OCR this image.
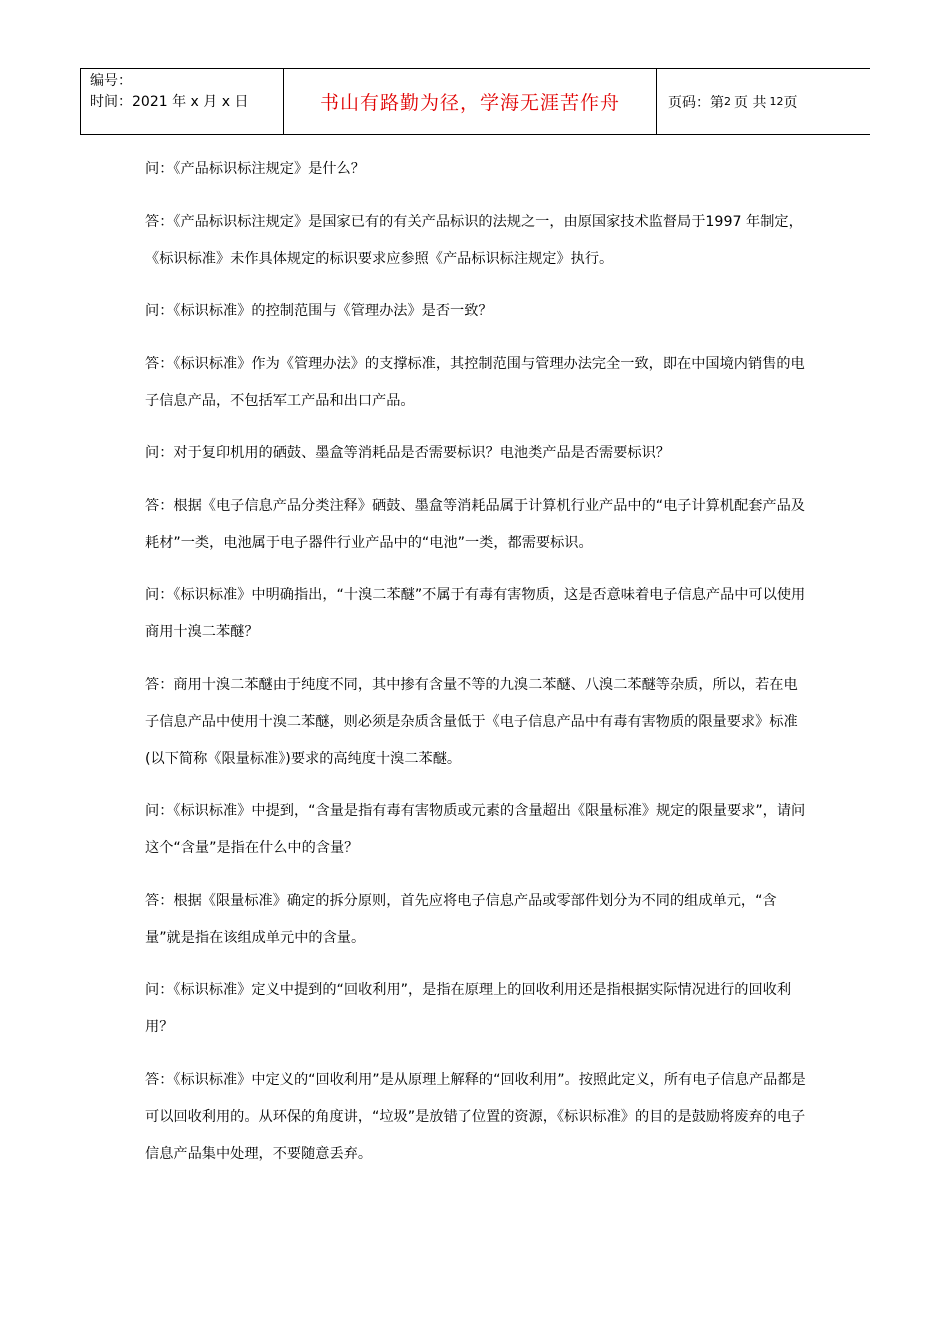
编号：
时间：2021 年 x 月 x 日	书山有路勤为径，学海无涯苦作舟	页码：第 2 页 共 12 页

问：《产品标识标注规定》是什么？

答：《产品标识标注规定》是国家已有的有关产品标识的法规之一，由原国家技术监督局于1997 年制定，《标识标准》未作具体规定的标识要求应参照《产品标识标注规定》执行。

问：《标识标准》的控制范围与《管理办法》是否一致？

答：《标识标准》作为《管理办法》的支撑标准，其控制范围与管理办法完全一致，即在中国境内销售的电子信息产品，不包括军工产品和出口产品。

问：对于复印机用的硒鼓、墨盒等消耗品是否需要标识？电池类产品是否需要标识？

答：根据《电子信息产品分类注释》硒鼓、墨盒等消耗品属于计算机行业产品中的“电子计算机配套产品及耗材”一类，电池属于电子器件行业产品中的“电池”一类，都需要标识。

问：《标识标准》中明确指出，“十溴二苯醚”不属于有毒有害物质，这是否意味着电子信息产品中可以使用商用十溴二苯醚？

答：商用十溴二苯醚由于纯度不同，其中掺有含量不等的九溴二苯醚、八溴二苯醚等杂质，所以，若在电子信息产品中使用十溴二苯醚，则必须是杂质含量低于《电子信息产品中有毒有害物质的限量要求》标准(以下简称《限量标准》)要求的高纯度十溴二苯醚。

问：《标识标准》中提到，“含量是指有毒有害物质或元素的含量超出《限量标准》规定的限量要求”，请问这个“含量”是指在什么中的含量？

答：根据《限量标准》确定的拆分原则，首先应将电子信息产品或零部件划分为不同的组成单元，“含量”就是指在该组成单元中的含量。

问：《标识标准》定义中提到的“回收利用”，是指在原理上的回收利用还是指根据实际情况进行的回收利用？

答：《标识标准》中定义的“回收利用”是从原理上解释的“回收利用”。按照此定义，所有电子信息产品都是可以回收利用的。从环保的角度讲，“垃圾”是放错了位置的资源，《标识标准》的目的是鼓励将废弃的电子信息产品集中处理，不要随意丢弃。
